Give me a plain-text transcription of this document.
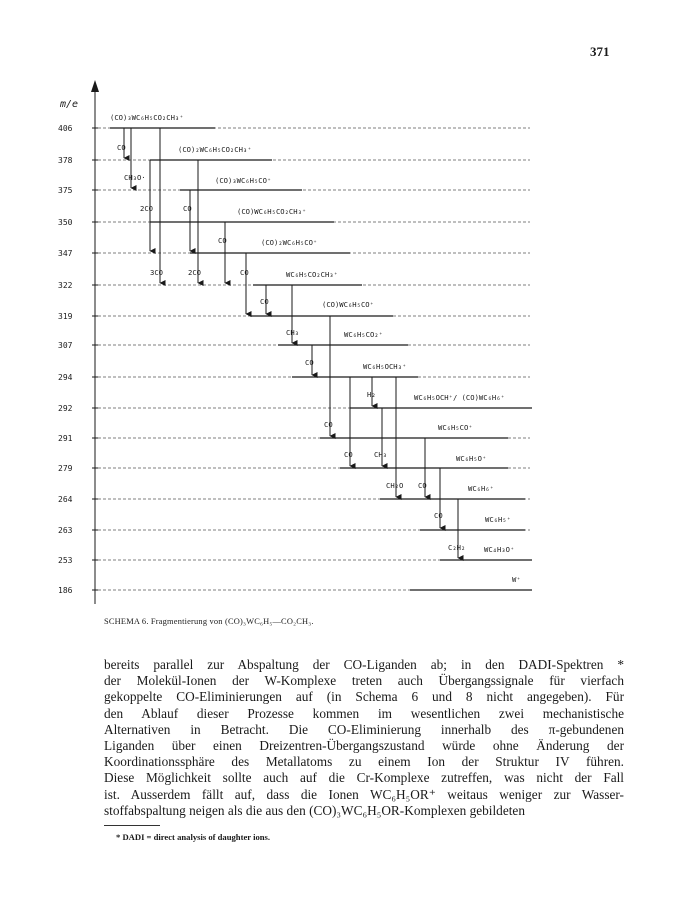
371
m/e
406
378
375
350
347
322
319
307
294
292
291
279
264
263
253
186
(CO)₃WC₆H₅CO₂CH₃⁺
(CO)₂WC₆H₅CO₂CH₃⁺
(CO)₃WC₆H₅CO⁺
(CO)WC₆H₅CO₂CH₃⁺
(CO)₂WC₆H₅CO⁺
WC₆H₅CO₂CH₃⁺
(CO)WC₆H₅CO⁺
WC₆H₅CO₂⁺
WC₆H₅OCH₃⁺
WC₆H₅OCH⁺/ (CO)WC₆H₆⁺
WC₆H₅CO⁺
WC₆H₅O⁺
WC₆H₆⁺
WC₆H₅⁺
WC₄H₃O⁺
W⁺
CO
CH₃O·
2CO	CO
CO
3CO	2CO	CO
CO
CH₃
CO
H₂
CO
CO	CH₃
CH₂O CO
CO
C₂H₂
SCHEMA 6. Fragmentierung von (CO)₃WC₆H₅—CO₂CH₃.
bereits parallel zur Abspaltung der CO-Liganden ab; in den DADI-Spektren *
der Molekül-Ionen der W-Komplexe treten auch Übergangssignale für vierfach
gekoppelte CO-Eliminierungen auf (in Schema 6 und 8 nicht angegeben). Für
den Ablauf dieser Prozesse kommen im wesentlichen zwei mechanistische
Alternativen in Betracht. Die CO-Eliminierung innerhalb des π-gebundenen
Liganden über einen Dreizentren-Übergangszustand würde ohne Änderung der
Koordinationssphäre des Metallatoms zu einem Ion der Struktur IV führen.
Diese Möglichkeit sollte auch auf die Cr-Komplexe zutreffen, was nicht der Fall
ist. Ausserdem fällt auf, dass die Ionen WC₆H₅OR⁺ weitaus weniger zur Wasser-
stoffabspaltung neigen als die aus den (CO)₃WC₆H₅OR-Komplexen gebildeten
* DADI = direct analysis of daughter ions.
